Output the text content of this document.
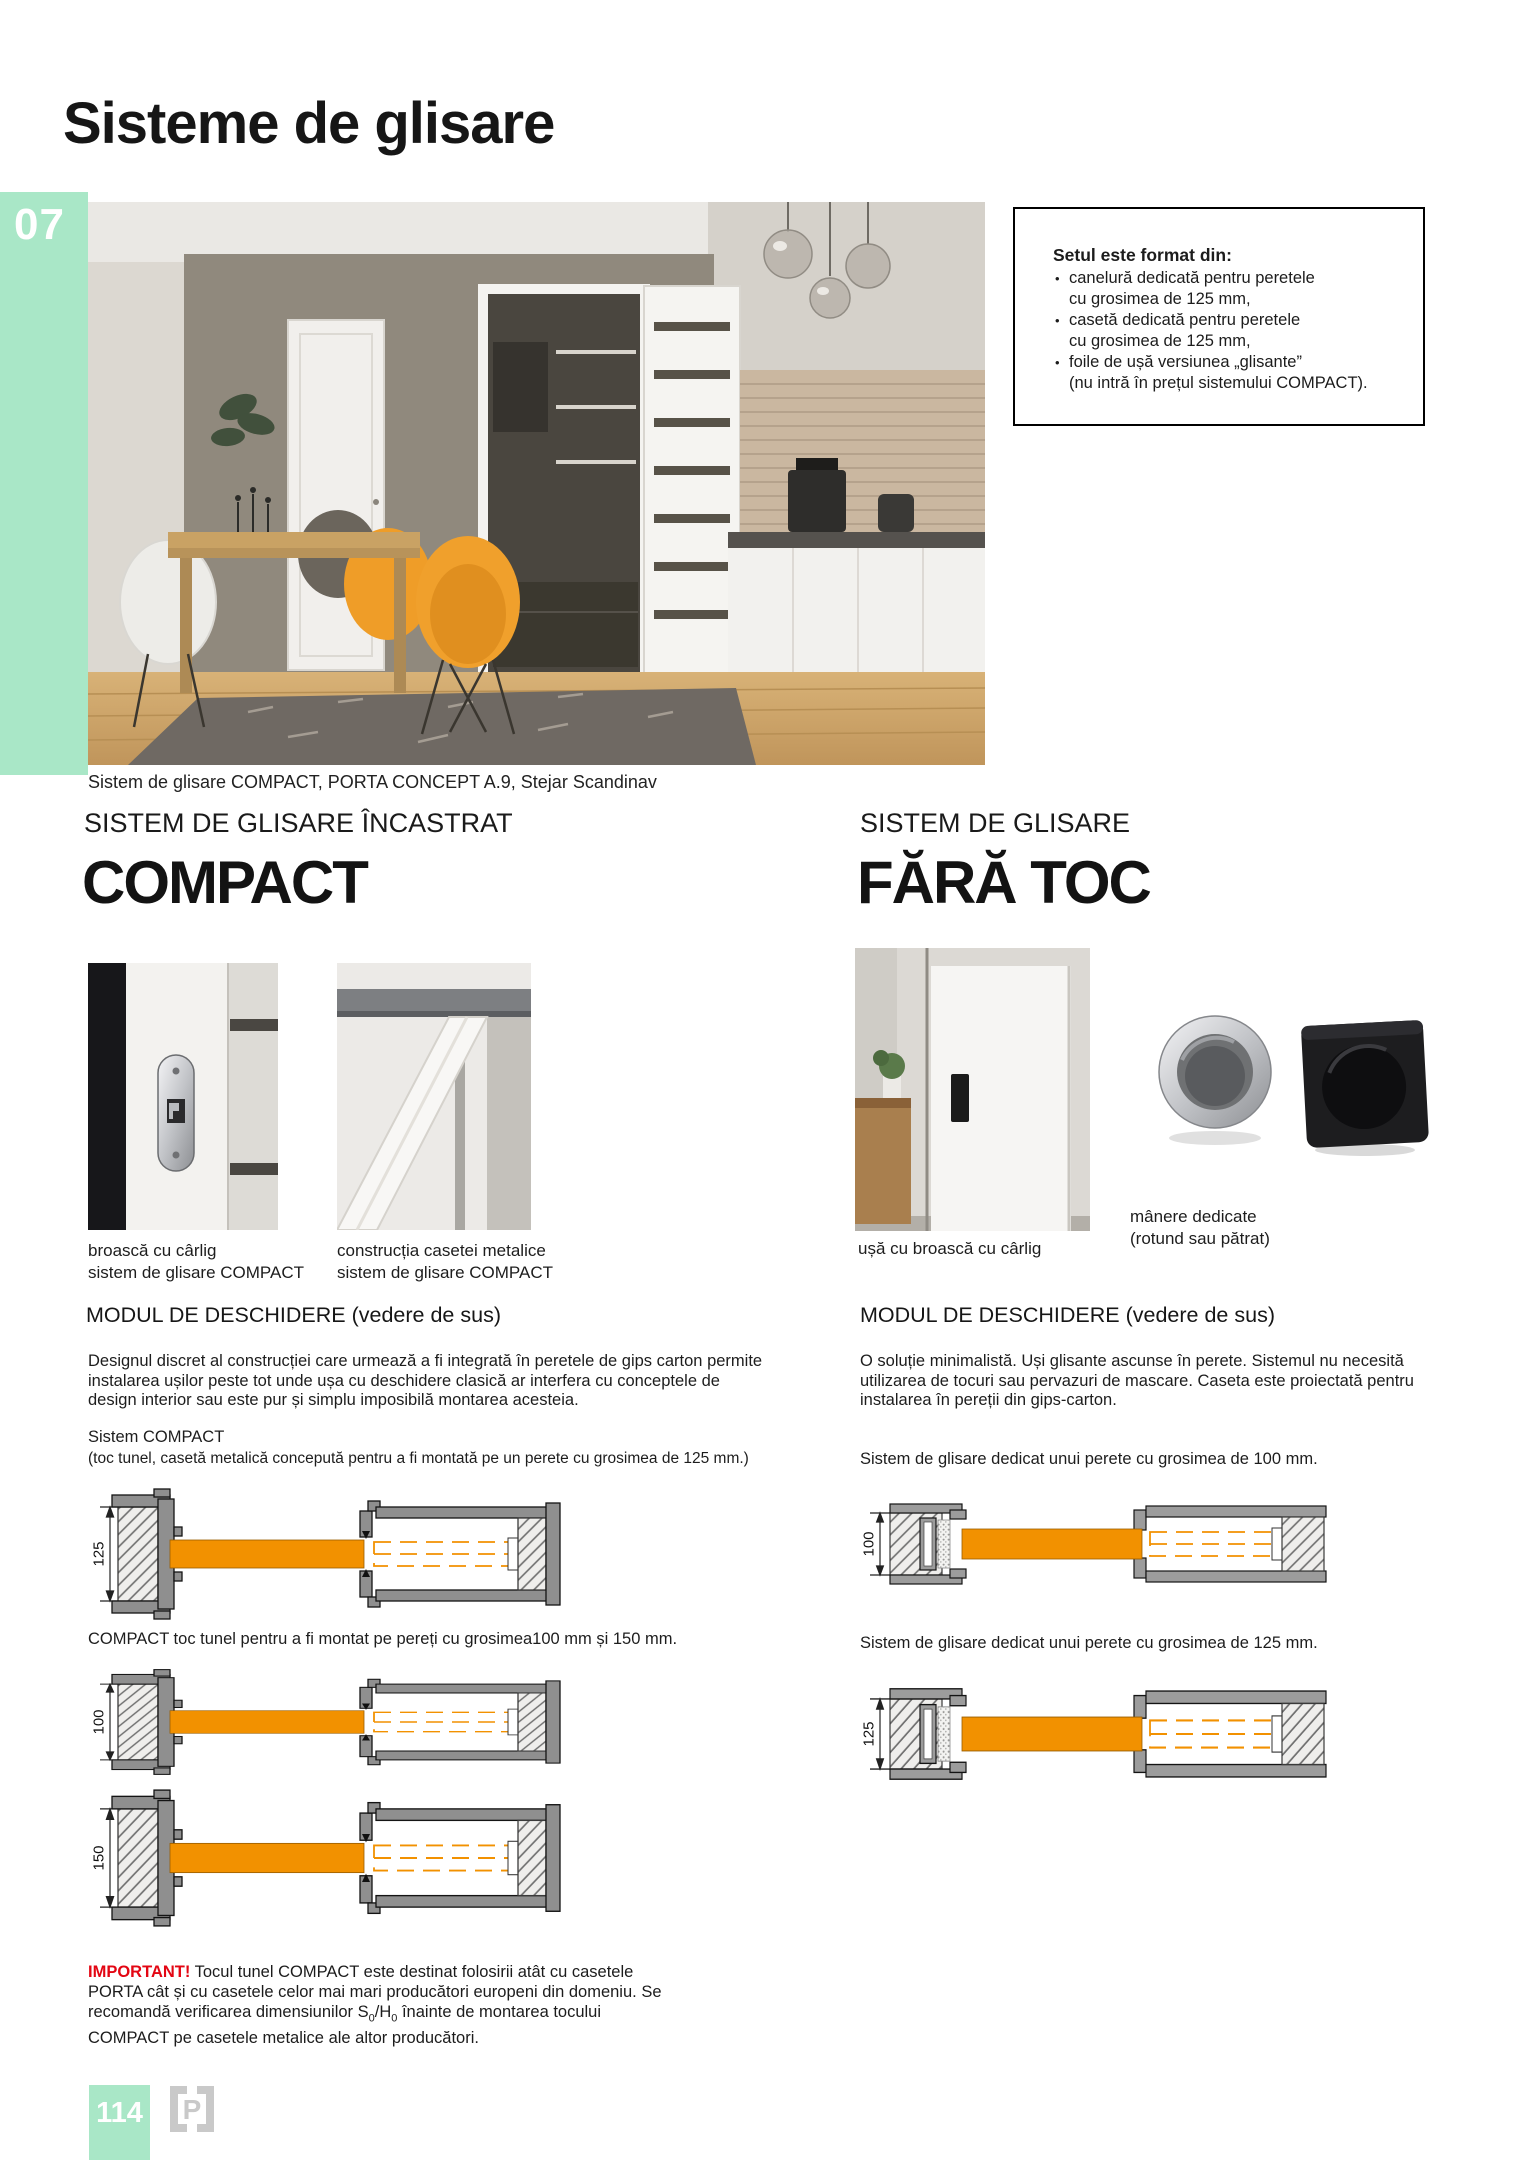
Sisteme de glisare
07
Sistem de glisare COMPACT, PORTA CONCEPT A.9, Stejar Scandinav

Setul este format din:

• canelură dedicată pentru peretele
cu grosimea de 125 mm,
• casetă dedicată pentru peretele
cu grosimea de 125 mm,
• foile de ușă versiunea „glisante”
(nu intră în prețul sistemului COMPACT).
SISTEM DE GLISARE ÎNCASTRAT
COMPACT
SISTEM DE GLISARE
FĂRĂ TOC
broască cu cârlig
sistem de glisare COMPACT
construcția casetei metalice
sistem de glisare COMPACT
mânere dedicate
(rotund sau pătrat)
ușă cu broască cu cârlig
MODUL DE DESCHIDERE (vedere de sus)	MODUL DE DESCHIDERE (vedere de sus)
Designul discret al construcției care urmează a fi integrată în peretele de gips carton permite instalarea ușilor peste tot unde ușa cu deschidere clasică ar interfera cu conceptele de design interior sau este pur și simplu imposibilă montarea acesteia.
O soluție minimalistă. Uși glisante ascunse în perete. Sistemul nu necesită utilizarea de tocuri sau pervazuri de mascare. Caseta este proiectată pentru instalarea în pereții din gips-carton.
Sistem COMPACT
(toc tunel, casetă metalică concepută pentru a fi montată pe un perete cu grosimea de 125 mm.)	Sistem de glisare dedicat unui perete cu grosimea de 100 mm.
Sistem de glisare dedicat unui perete cu grosimea de 125 mm.
125
COMPACT toc tunel pentru a fi montat pe pereți cu grosimea100 mm și 150 mm.
100
150
100
125
IMPORTANT! Tocul tunel COMPACT este destinat folosirii atât cu casetele PORTA cât și cu casetele celor mai mari producători europeni din domeniu. Se recomandă verificarea dimensiunilor $S_0/H_0$ înainte de montarea tocului COMPACT pe casetele metalice ale altor producători.
114 P
